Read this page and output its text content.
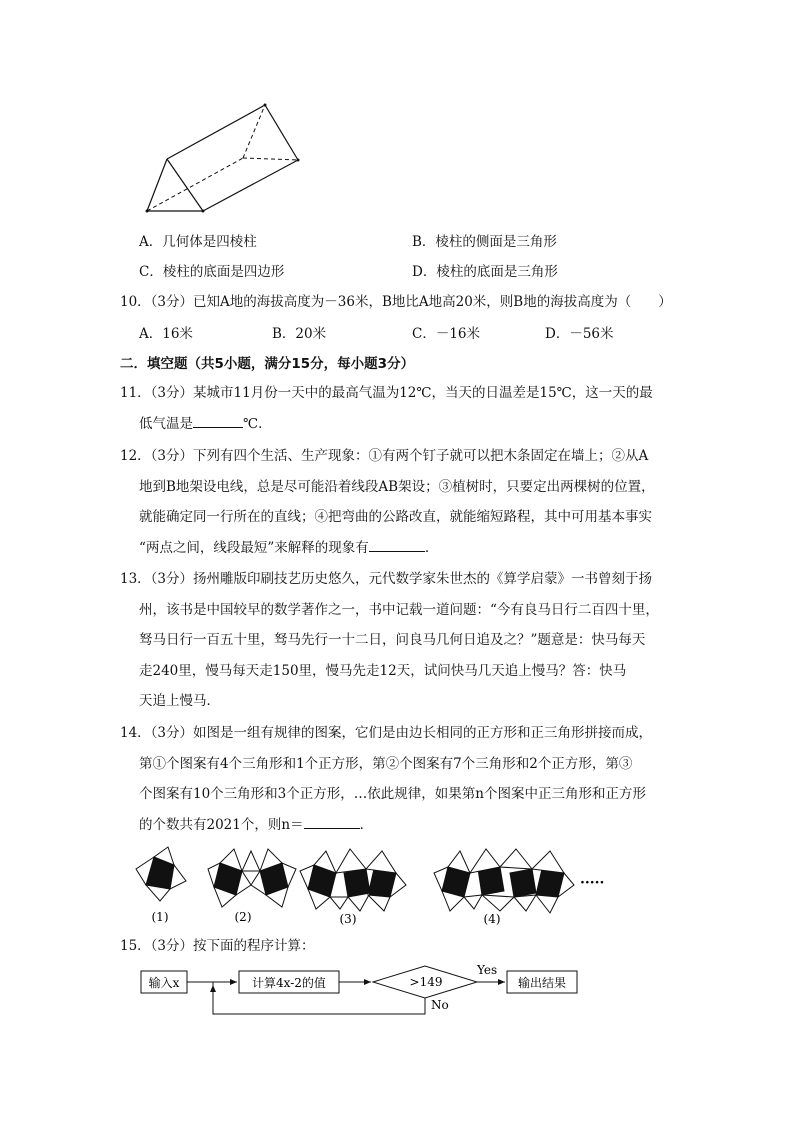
A．几何体是四棱柱	B．棱柱的侧面是三角形
C．棱柱的底面是四边形	D．棱柱的底面是三角形
10．（3分）已知A地的海拔高度为－36米，B地比A地高20米，则B地的海拔高度为（　　）
A．16米	B．20米	C．－16米	D．－56米
二．填空题（共5小题，满分15分，每小题3分）
11．（3分）某城市11月份一天中的最高气温为12℃，当天的日温差是15℃，这一天的最
低气温是	℃．
12．（3分）下列有四个生活、生产现象：①有两个钉子就可以把木条固定在墙上；②从A
地到B地架设电线，总是尽可能沿着线段AB架设；③植树时，只要定出两棵树的位置，
就能确定同一行所在的直线；④把弯曲的公路改直，就能缩短路程，其中可用基本事实
“两点之间，线段最短”来解释的现象有	．
13．（3分）扬州雕版印刷技艺历史悠久，元代数学家朱世杰的《算学启蒙》一书曾刻于扬
州，该书是中国较早的数学著作之一，书中记载一道问题：“今有良马日行二百四十里，
驽马日行一百五十里，驽马先行一十二日，问良马几何日追及之？”题意是：快马每天
走240里，慢马每天走150里，慢马先走12天，试问快马几天追上慢马？答：快马
天追上慢马．
14．（3分）如图是一组有规律的图案，它们是由边长相同的正方形和正三角形拼接而成，
第①个图案有4个三角形和1个正方形，第②个图案有7个三角形和2个正方形，第③
个图案有10个三角形和3个正方形，…依此规律，如果第n个图案中正三角形和正方形
的个数共有2021个，则n＝	．
(1)	(2)	(3)	(4)
·····
15．（3分）按下面的程序计算：
输入x	计算4x-2的值	>149	输出结果
Yes
No
